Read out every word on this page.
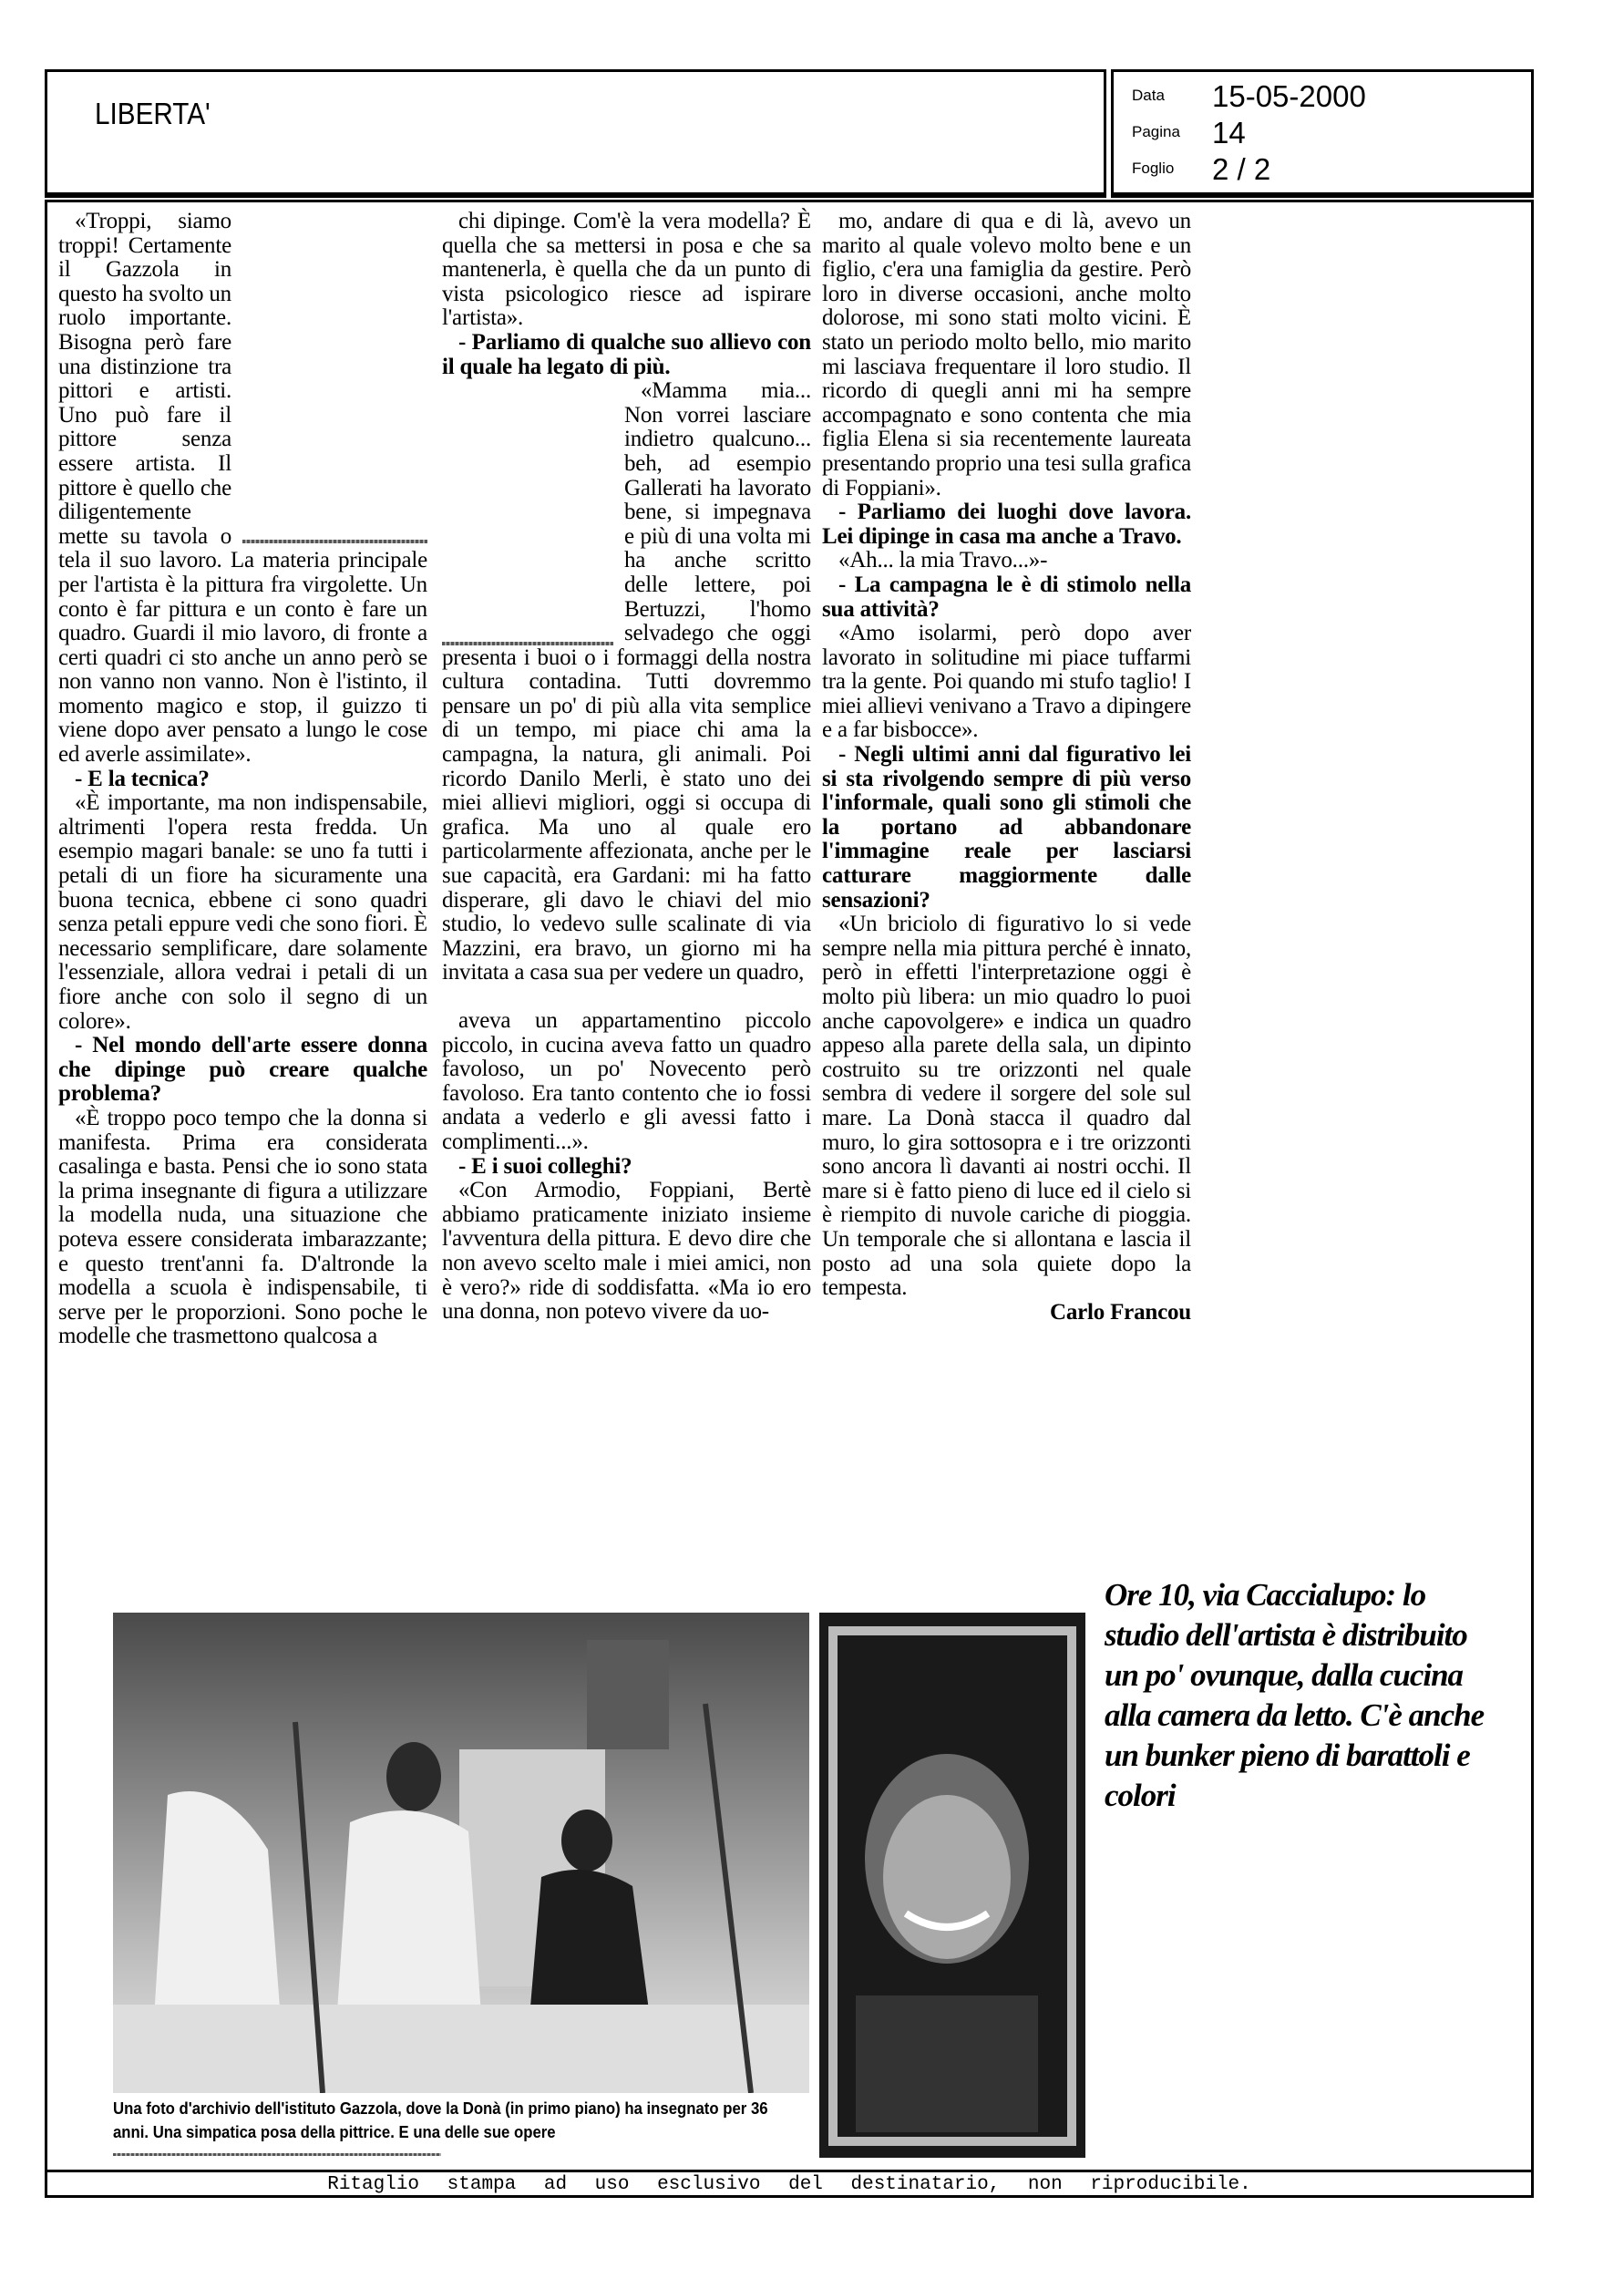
LIBERTA'
Data 15-05-2000
Pagina 14
Foglio 2 / 2

«Troppi, siamo troppi! Certamente il Gazzola in questo ha svolto un ruolo importante. Bisogna però fare una distinzione tra pittori e artisti. Uno può fare il pittore senza essere artista. Il pittore è quello che diligentemente mette su tavola o tela il suo lavoro. La materia principale per l'artista è la pittura fra virgolette. Un conto è far pittura e un conto è fare un quadro. Guardi il mio lavoro, di fronte a certi quadri ci sto anche un anno però se non vanno non vanno. Non è l'istinto, il momento magico e stop, il guizzo ti viene dopo aver pensato a lungo le cose ed averle assimilate».

- E la tecnica?

«È importante, ma non indispensabile, altrimenti l'opera resta fredda. Un esempio magari banale: se uno fa tutti i petali di un fiore ha sicuramente una buona tecnica, ebbene ci sono quadri senza petali eppure vedi che sono fiori. È necessario semplificare, dare solamente l'essenziale, allora vedrai i petali di un fiore anche con solo il segno di un colore».

- Nel mondo dell'arte essere donna che dipinge può creare qualche problema?

«È troppo poco tempo che la donna si manifesta. Prima era considerata casalinga e basta. Pensi che io sono stata la prima insegnante di figura a utilizzare la modella nuda, una situazione che poteva essere considerata imbarazzante; e questo trent'anni fa. D'altronde la modella a scuola è indispensabile, ti serve per le proporzioni. Sono poche le modelle che trasmettono qualcosa a

chi dipinge. Com'è la vera modella? È quella che sa mettersi in posa e che sa mantenerla, è quella che da un punto di vista psicologico riesce ad ispirare l'artista».

- Parliamo di qualche suo allievo con il quale ha legato di più.

«Mamma mia... Non vorrei lasciare indietro qualcuno... beh, ad esempio Gallerati ha lavorato bene, si impegnava e più di una volta mi ha anche scritto delle lettere, poi Bertuzzi, l'homo selvadego che oggi presenta i buoi o i formaggi della nostra cultura contadina. Tutti dovremmo pensare un po' di più alla vita semplice di un tempo, mi piace chi ama la campagna, la natura, gli animali. Poi ricordo Danilo Merli, è stato uno dei miei allievi migliori, oggi si occupa di grafica. Ma uno al quale ero particolarmente affezionata, anche per le sue capacità, era Gardani: mi ha fatto disperare, gli davo le chiavi del mio studio, lo vedevo sulle scalinate di via Mazzini, era bravo, un giorno mi ha invitata a casa sua per vedere un quadro,

aveva un appartamentino piccolo piccolo, in cucina aveva fatto un quadro favoloso, un po' Novecento però favoloso. Era tanto contento che io fossi andata a vederlo e gli avessi fatto i complimenti...».

- E i suoi colleghi?

«Con Armodio, Foppiani, Bertè abbiamo praticamente iniziato insieme l'avventura della pittura. E devo dire che non avevo scelto male i miei amici, non è vero?» ride di soddisfatta. «Ma io ero una donna, non potevo vivere da uo-

mo, andare di qua e di là, avevo un marito al quale volevo molto bene e un figlio, c'era una famiglia da gestire. Però loro in diverse occasioni, anche molto dolorose, mi sono stati molto vicini. È stato un periodo molto bello, mio marito mi lasciava frequentare il loro studio. Il ricordo di quegli anni mi ha sempre accompagnato e sono contenta che mia figlia Elena si sia recentemente laureata presentando proprio una tesi sulla grafica di Foppiani».

- Parliamo dei luoghi dove lavora. Lei dipinge in casa ma anche a Travo.

«Ah... la mia Travo...»-

- La campagna le è di stimolo nella sua attività?

«Amo isolarmi, però dopo aver lavorato in solitudine mi piace tuffarmi tra la gente. Poi quando mi stufo taglio! I miei allievi venivano a Travo a dipingere e a far bisbocce».

- Negli ultimi anni dal figurativo lei si sta rivolgendo sempre di più verso l'informale, quali sono gli stimoli che la portano ad abbandonare l'immagine reale per lasciarsi catturare maggiormente dalle sensazioni?

«Un briciolo di figurativo lo si vede sempre nella mia pittura perché è innato, però in effetti l'interpretazione oggi è molto più libera: un mio quadro lo puoi anche capovolgere» e indica un quadro appeso alla parete della sala, un dipinto costruito su tre orizzonti nel quale sembra di vedere il sorgere del sole sul mare. La Donà stacca il quadro dal muro, lo gira sottosopra e i tre orizzonti sono ancora lì davanti ai nostri occhi. Il mare si è fatto pieno di luce ed il cielo si è riempito di nuvole cariche di pioggia. Un temporale che si allontana e lascia il posto ad una sola quiete dopo la tempesta.

Carlo Francou

Ore 10, via Caccialupo: lo studio dell'artista è distribuito un po' ovunque, dalla cucina alla camera da letto. C'è anche un bunker pieno di barattoli e colori
Una foto d'archivio dell'istituto Gazzola, dove la Donà (in primo piano) ha insegnato per 36 anni. Una simpatica posa della pittrice. E una delle sue opere
Ritaglio stampa ad uso esclusivo del destinatario, non riproducibile.
